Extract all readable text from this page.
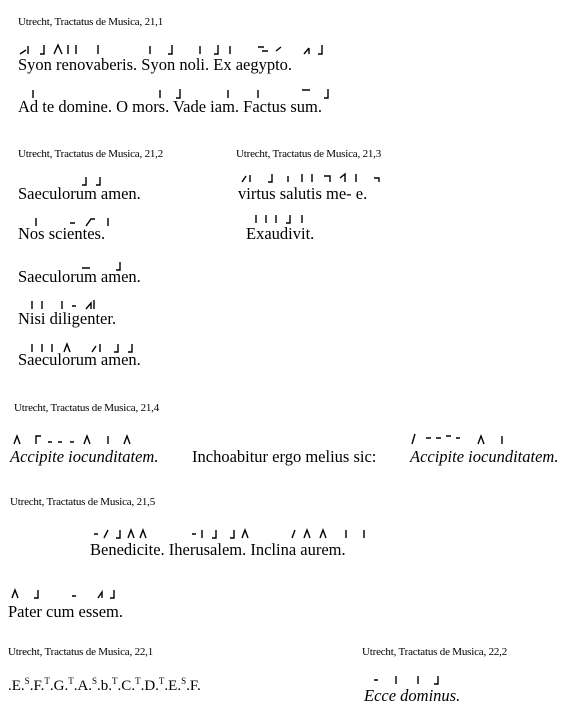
Utrecht, Tractatus de Musica, 21,1
Syon renovaberis. Syon noli. Ex aegypto.
Ad te domine. O mors. Vade iam. Factus sum.
Utrecht, Tractatus de Musica, 21,2
Saeculorum amen.
Nos scientes.
Saeculorum amen.
Nisi diligenter.
Saeculorum amen.
Utrecht, Tractatus de Musica, 21,3
virtus salutis me- e.
Exaudivit.
Utrecht, Tractatus de Musica, 21,4
Accipite iocunditatem. Inchoabitur ergo melius sic: Accipite iocunditatem.
Utrecht, Tractatus de Musica, 21,5
Benedicite. Iherusalem. Inclina aurem.
Pater cum essem.
Utrecht, Tractatus de Musica, 22,1
.E.$^S$.F.$^T$.G.$^T$.A.$^S$.b.$^T$.C.$^T$.D.$^T$.E.$^S$.F.
Utrecht, Tractatus de Musica, 22,2
Ecce dominus.
